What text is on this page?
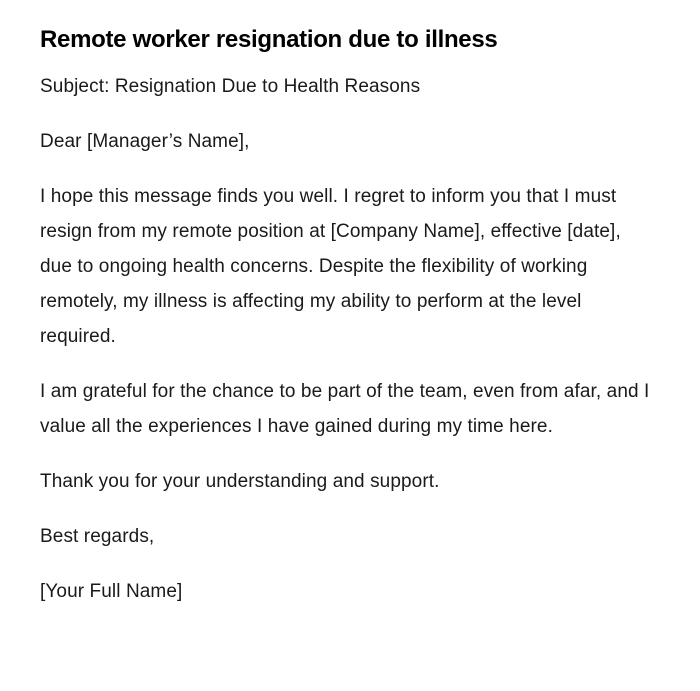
Remote worker resignation due to illness

Subject: Resignation Due to Health Reasons

Dear [Manager’s Name],

I hope this message finds you well. I regret to inform you that I must resign from my remote position at [Company Name], effective [date], due to ongoing health concerns. Despite the flexibility of working remotely, my illness is affecting my ability to perform at the level required.

I am grateful for the chance to be part of the team, even from afar, and I value all the experiences I have gained during my time here.

Thank you for your understanding and support.

Best regards,

[Your Full Name]
